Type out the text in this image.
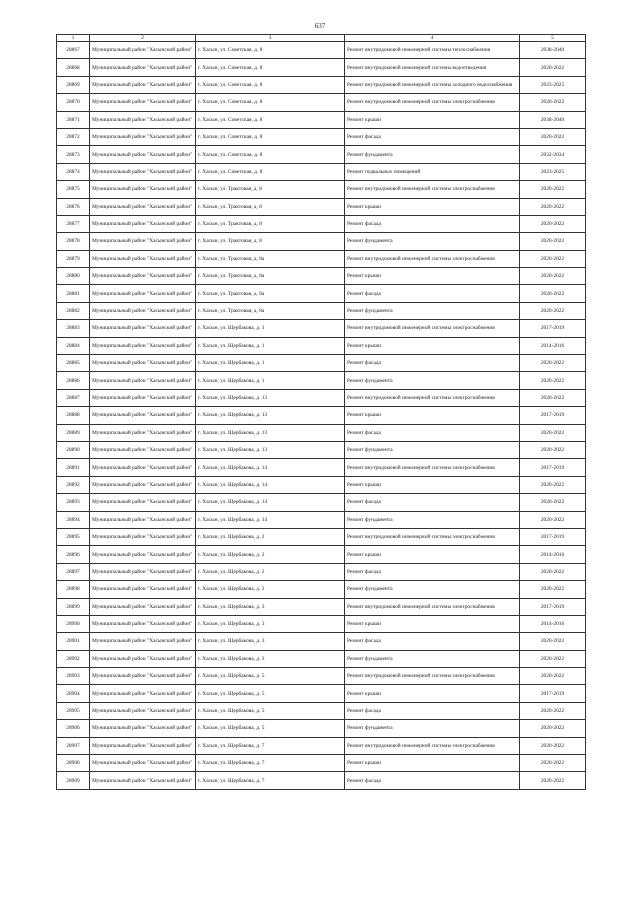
637
1	2	3	4	5
28867	Муниципальный район "Хасынский район"	г. Хасын, ул. Советская, д. 8	Ремонт внутридомовой инженерной системы теплоснабжения	2038-2040
28868	Муниципальный район "Хасынский район"	г. Хасын, ул. Советская, д. 8	Ремонт внутридомовой инженерной системы водоотведения	2020-2022
28869	Муниципальный район "Хасынский район"	г. Хасын, ул. Советская, д. 8	Ремонт внутридомовой инженерной системы холодного водоснабжения	2023-2025
28870	Муниципальный район "Хасынский район"	г. Хасын, ул. Советская, д. 8	Ремонт внутридомовой инженерной системы электроснабжения	2020-2022
28871	Муниципальный район "Хасынский район"	г. Хасын, ул. Советская, д. 8	Ремонт крыши	2038-2040
28872	Муниципальный район "Хасынский район"	г. Хасын, ул. Советская, д. 8	Ремонт фасада	2020-2022
28873	Муниципальный район "Хасынский район"	г. Хасын, ул. Советская, д. 8	Ремонт фундамента	2032-2034
28874	Муниципальный район "Хасынский район"	г. Хасын, ул. Советская, д. 8	Ремонт подвальных помещений	2023-2025
28875	Муниципальный район "Хасынский район"	г. Хасын, ул. Трактовая, д. 8	Ремонт внутридомовой инженерной системы электроснабжения	2020-2022
28876	Муниципальный район "Хасынский район"	г. Хасын, ул. Трактовая, д. 8	Ремонт крыши	2020-2022
28877	Муниципальный район "Хасынский район"	г. Хасын, ул. Трактовая, д. 8	Ремонт фасада	2020-2022
28878	Муниципальный район "Хасынский район"	г. Хасын, ул. Трактовая, д. 8	Ремонт фундамента	2020-2022
28879	Муниципальный район "Хасынский район"	г. Хасын, ул. Трактовая, д. 8а	Ремонт внутридомовой инженерной системы электроснабжения	2020-2022
28880	Муниципальный район "Хасынский район"	г. Хасын, ул. Трактовая, д. 8а	Ремонт крыши	2020-2022
28881	Муниципальный район "Хасынский район"	г. Хасын, ул. Трактовая, д. 8а	Ремонт фасада	2020-2022
28882	Муниципальный район "Хасынский район"	г. Хасын, ул. Трактовая, д. 8а	Ремонт фундамента	2020-2022
28883	Муниципальный район "Хасынский район"	г. Хасын, ул. Щербакова, д. 1	Ремонт внутридомовой инженерной системы электроснабжения	2017-2019
28884	Муниципальный район "Хасынский район"	г. Хасын, ул. Щербакова, д. 1	Ремонт крыши	2014-2016
28885	Муниципальный район "Хасынский район"	г. Хасын, ул. Щербакова, д. 1	Ремонт фасада	2020-2022
28886	Муниципальный район "Хасынский район"	г. Хасын, ул. Щербакова, д. 1	Ремонт фундамента	2020-2022
28887	Муниципальный район "Хасынский район"	г. Хасын, ул. Щербакова, д. 13	Ремонт внутридомовой инженерной системы электроснабжения	2020-2022
28888	Муниципальный район "Хасынский район"	г. Хасын, ул. Щербакова, д. 13	Ремонт крыши	2017-2019
28889	Муниципальный район "Хасынский район"	г. Хасын, ул. Щербакова, д. 13	Ремонт фасада	2020-2022
28890	Муниципальный район "Хасынский район"	г. Хасын, ул. Щербакова, д. 13	Ремонт фундамента	2020-2022
28891	Муниципальный район "Хасынский район"	г. Хасын, ул. Щербакова, д. 14	Ремонт внутридомовой инженерной системы электроснабжения	2017-2019
28892	Муниципальный район "Хасынский район"	г. Хасын, ул. Щербакова, д. 14	Ремонт крыши	2020-2022
28893	Муниципальный район "Хасынский район"	г. Хасын, ул. Щербакова, д. 14	Ремонт фасада	2020-2022
28894	Муниципальный район "Хасынский район"	г. Хасын, ул. Щербакова, д. 14	Ремонт фундамента	2020-2022
28895	Муниципальный район "Хасынский район"	г. Хасын, ул. Щербакова, д. 2	Ремонт внутридомовой инженерной системы электроснабжения	2017-2019
28896	Муниципальный район "Хасынский район"	г. Хасын, ул. Щербакова, д. 2	Ремонт крыши	2014-2016
28897	Муниципальный район "Хасынский район"	г. Хасын, ул. Щербакова, д. 2	Ремонт фасада	2020-2022
28898	Муниципальный район "Хасынский район"	г. Хасын, ул. Щербакова, д. 2	Ремонт фундамента	2020-2022
28899	Муниципальный район "Хасынский район"	г. Хасын, ул. Щербакова, д. 3	Ремонт внутридомовой инженерной системы электроснабжения	2017-2019
28900	Муниципальный район "Хасынский район"	г. Хасын, ул. Щербакова, д. 3	Ремонт крыши	2014-2016
28901	Муниципальный район "Хасынский район"	г. Хасын, ул. Щербакова, д. 3	Ремонт фасада	2020-2022
28902	Муниципальный район "Хасынский район"	г. Хасын, ул. Щербакова, д. 3	Ремонт фундамента	2020-2022
28903	Муниципальный район "Хасынский район"	г. Хасын, ул. Щербакова, д. 5	Ремонт внутридомовой инженерной системы электроснабжения	2020-2022
28904	Муниципальный район "Хасынский район"	г. Хасын, ул. Щербакова, д. 5	Ремонт крыши	2017-2019
28905	Муниципальный район "Хасынский район"	г. Хасын, ул. Щербакова, д. 5	Ремонт фасада	2020-2022
28906	Муниципальный район "Хасынский район"	г. Хасын, ул. Щербакова, д. 5	Ремонт фундамента	2020-2022
28907	Муниципальный район "Хасынский район"	г. Хасын, ул. Щербакова, д. 7	Ремонт внутридомовой инженерной системы электроснабжения	2020-2022
28908	Муниципальный район "Хасынский район"	г. Хасын, ул. Щербакова, д. 7	Ремонт крыши	2020-2022
28909	Муниципальный район "Хасынский район"	г. Хасын, ул. Щербакова, д. 7	Ремонт фасада	2020-2022
